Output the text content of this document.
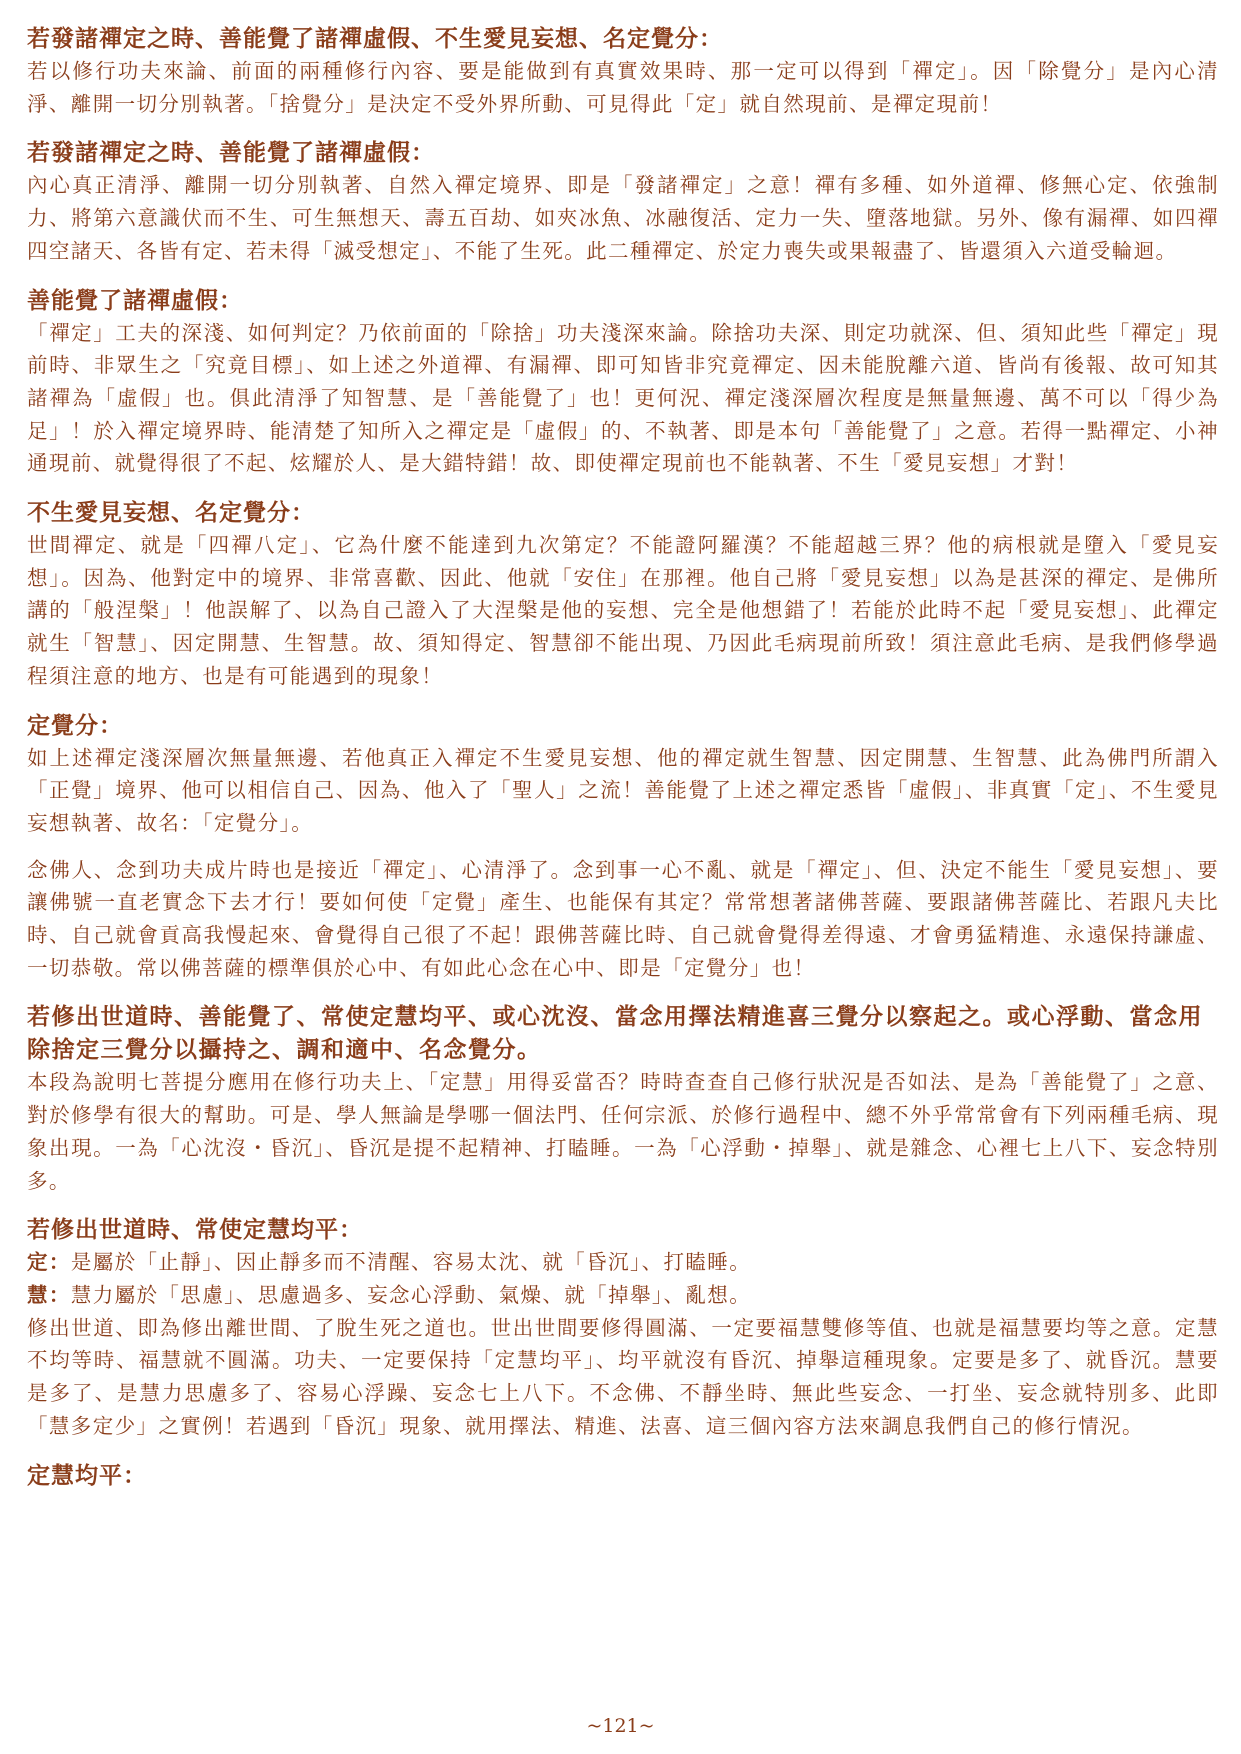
若發諸禪定之時、善能覺了諸禪虛假、不生愛見妄想、名定覺分：

若以修行功夫來論、前面的兩種修行內容、要是能做到有真實效果時、那一定可以得到「禪定」。因「除覺分」是內心清淨、離開一切分別執著。「捨覺分」是決定不受外界所動、可見得此「定」就自然現前、是禪定現前！

若發諸禪定之時、善能覺了諸禪虛假：

內心真正清淨、離開一切分別執著、自然入禪定境界、即是「發諸禪定」之意！禪有多種、如外道禪、修無心定、依強制力、將第六意識伏而不生、可生無想天、壽五百劫、如夾冰魚、冰融復活、定力一失、墮落地獄。另外、像有漏禪、如四禪四空諸天、各皆有定、若未得「滅受想定」、不能了生死。此二種禪定、於定力喪失或果報盡了、皆還須入六道受輪迴。

善能覺了諸禪虛假：

「禪定」工夫的深淺、如何判定？乃依前面的「除捨」功夫淺深來論。除捨功夫深、則定功就深、但、須知此些「禪定」現前時、非眾生之「究竟目標」、如上述之外道禪、有漏禪、即可知皆非究竟禪定、因未能脫離六道、皆尚有後報、故可知其諸禪為「虛假」也。俱此清淨了知智慧、是「善能覺了」也！更何況、禪定淺深層次程度是無量無邊、萬不可以「得少為足」！於入禪定境界時、能清楚了知所入之禪定是「虛假」的、不執著、即是本句「善能覺了」之意。若得一點禪定、小神通現前、就覺得很了不起、炫耀於人、是大錯特錯！故、即使禪定現前也不能執著、不生「愛見妄想」才對！

不生愛見妄想、名定覺分：

世間禪定、就是「四禪八定」、它為什麼不能達到九次第定？不能證阿羅漢？不能超越三界？他的病根就是墮入「愛見妄想」。因為、他對定中的境界、非常喜歡、因此、他就「安住」在那裡。他自己將「愛見妄想」以為是甚深的禪定、是佛所講的「般涅槃」！他誤解了、以為自己證入了大涅槃是他的妄想、完全是他想錯了！若能於此時不起「愛見妄想」、此禪定就生「智慧」、因定開慧、生智慧。故、須知得定、智慧卻不能出現、乃因此毛病現前所致！須注意此毛病、是我們修學過程須注意的地方、也是有可能遇到的現象！

定覺分：

如上述禪定淺深層次無量無邊、若他真正入禪定不生愛見妄想、他的禪定就生智慧、因定開慧、生智慧、此為佛門所謂入「正覺」境界、他可以相信自己、因為、他入了「聖人」之流！善能覺了上述之禪定悉皆「虛假」、非真實「定」、不生愛見妄想執著、故名：「定覺分」。

念佛人、念到功夫成片時也是接近「禪定」、心清淨了。念到事一心不亂、就是「禪定」、但、決定不能生「愛見妄想」、要讓佛號一直老實念下去才行！要如何使「定覺」產生、也能保有其定？常常想著諸佛菩薩、要跟諸佛菩薩比、若跟凡夫比時、自己就會貢高我慢起來、會覺得自己很了不起！跟佛菩薩比時、自己就會覺得差得遠、才會勇猛精進、永遠保持謙虛、一切恭敬。常以佛菩薩的標準俱於心中、有如此心念在心中、即是「定覺分」也！

若修出世道時、善能覺了、常使定慧均平、或心沈沒、當念用擇法精進喜三覺分以察起之。或心浮動、當念用除捨定三覺分以攝持之、調和適中、名念覺分。

本段為說明七菩提分應用在修行功夫上、「定慧」用得妥當否？時時查查自己修行狀況是否如法、是為「善能覺了」之意、對於修學有很大的幫助。可是、學人無論是學哪一個法門、任何宗派、於修行過程中、總不外乎常常會有下列兩種毛病、現象出現。一為「心沈沒・昏沉」、昏沉是提不起精神、打瞌睡。一為「心浮動・掉舉」、就是雜念、心裡七上八下、妄念特別多。

若修出世道時、常使定慧均平：

定：是屬於「止靜」、因止靜多而不清醒、容易太沈、就「昏沉」、打瞌睡。

慧：慧力屬於「思慮」、思慮過多、妄念心浮動、氣燥、就「掉舉」、亂想。

修出世道、即為修出離世間、了脫生死之道也。世出世間要修得圓滿、一定要福慧雙修等值、也就是福慧要均等之意。定慧不均等時、福慧就不圓滿。功夫、一定要保持「定慧均平」、均平就沒有昏沉、掉舉這種現象。定要是多了、就昏沉。慧要是多了、是慧力思慮多了、容易心浮躁、妄念七上八下。不念佛、不靜坐時、無此些妄念、一打坐、妄念就特別多、此即「慧多定少」之實例！若遇到「昏沉」現象、就用擇法、精進、法喜、這三個內容方法來調息我們自己的修行情況。

定慧均平：
~121~
